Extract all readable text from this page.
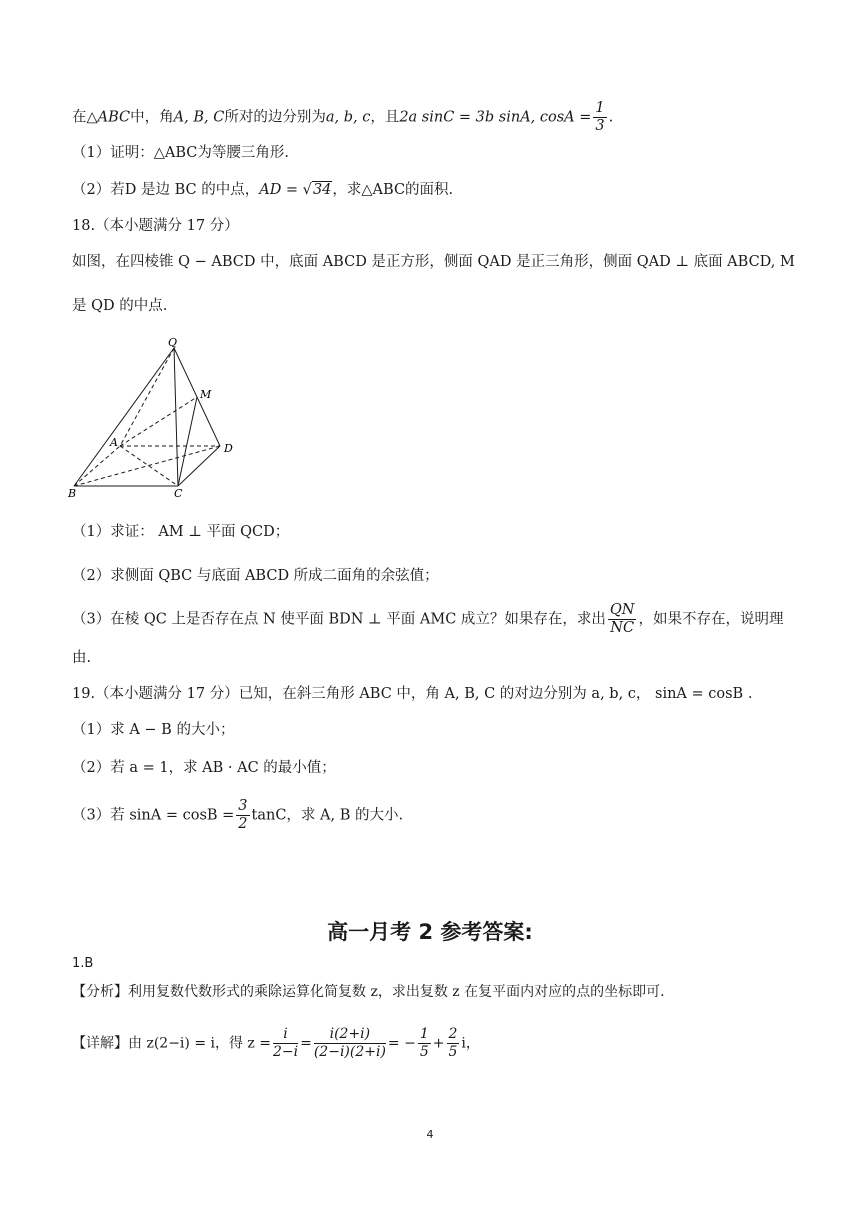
在△ABC中，角A, B, C所对的边分别为a, b, c，且2a sinC = 3b sinA, $\cos A = \frac{1}{3}$ .
（1）证明：△ABC为等腰三角形.
（2）若D 是边 BC 的中点，AD = √34，求△ABC的面积.
18.（本小题满分 17 分）
如图，在四棱锥 Q − ABCD 中，底面 ABCD 是正方形，侧面 QAD 是正三角形，侧面 QAD ⊥ 底面 ABCD, M
是 QD 的中点.
Q
M
A	D
B	C
（1）求证： AM ⊥ 平面 QCD；
（2）求侧面 QBC 与底面 ABCD 所成二面角的余弦值；
（3）在棱 QC 上是否存在点 N 使平面 BDN ⊥ 平面 AMC 成立？如果存在，求出 $\frac{QN}{NC}$ ，如果不存在，说明理
由.
19.（本小题满分 17 分）已知，在斜三角形 ABC 中，角 A, B, C 的对边分别为 a, b, c， sinA = cosB .
（1）求 A − B 的大小；
（2）若 a = 1，求 AB · AC 的最小值；
（3）若 $\sin A = \cos B = \frac{3}{2}$ tanC，求 A, B 的大小.
高一月考 2 参考答案:
1.B
【分析】利用复数代数形式的乘除运算化简复数 z，求出复数 z 在复平面内对应的点的坐标即可.
【详解】由 z(2−i) = i，得 $z = \frac{i}{2-i} = \frac{i(2+i)}{(2-i)(2+i)}$ = − $\frac{1}{5} + \frac{2}{5}$ i，
4
